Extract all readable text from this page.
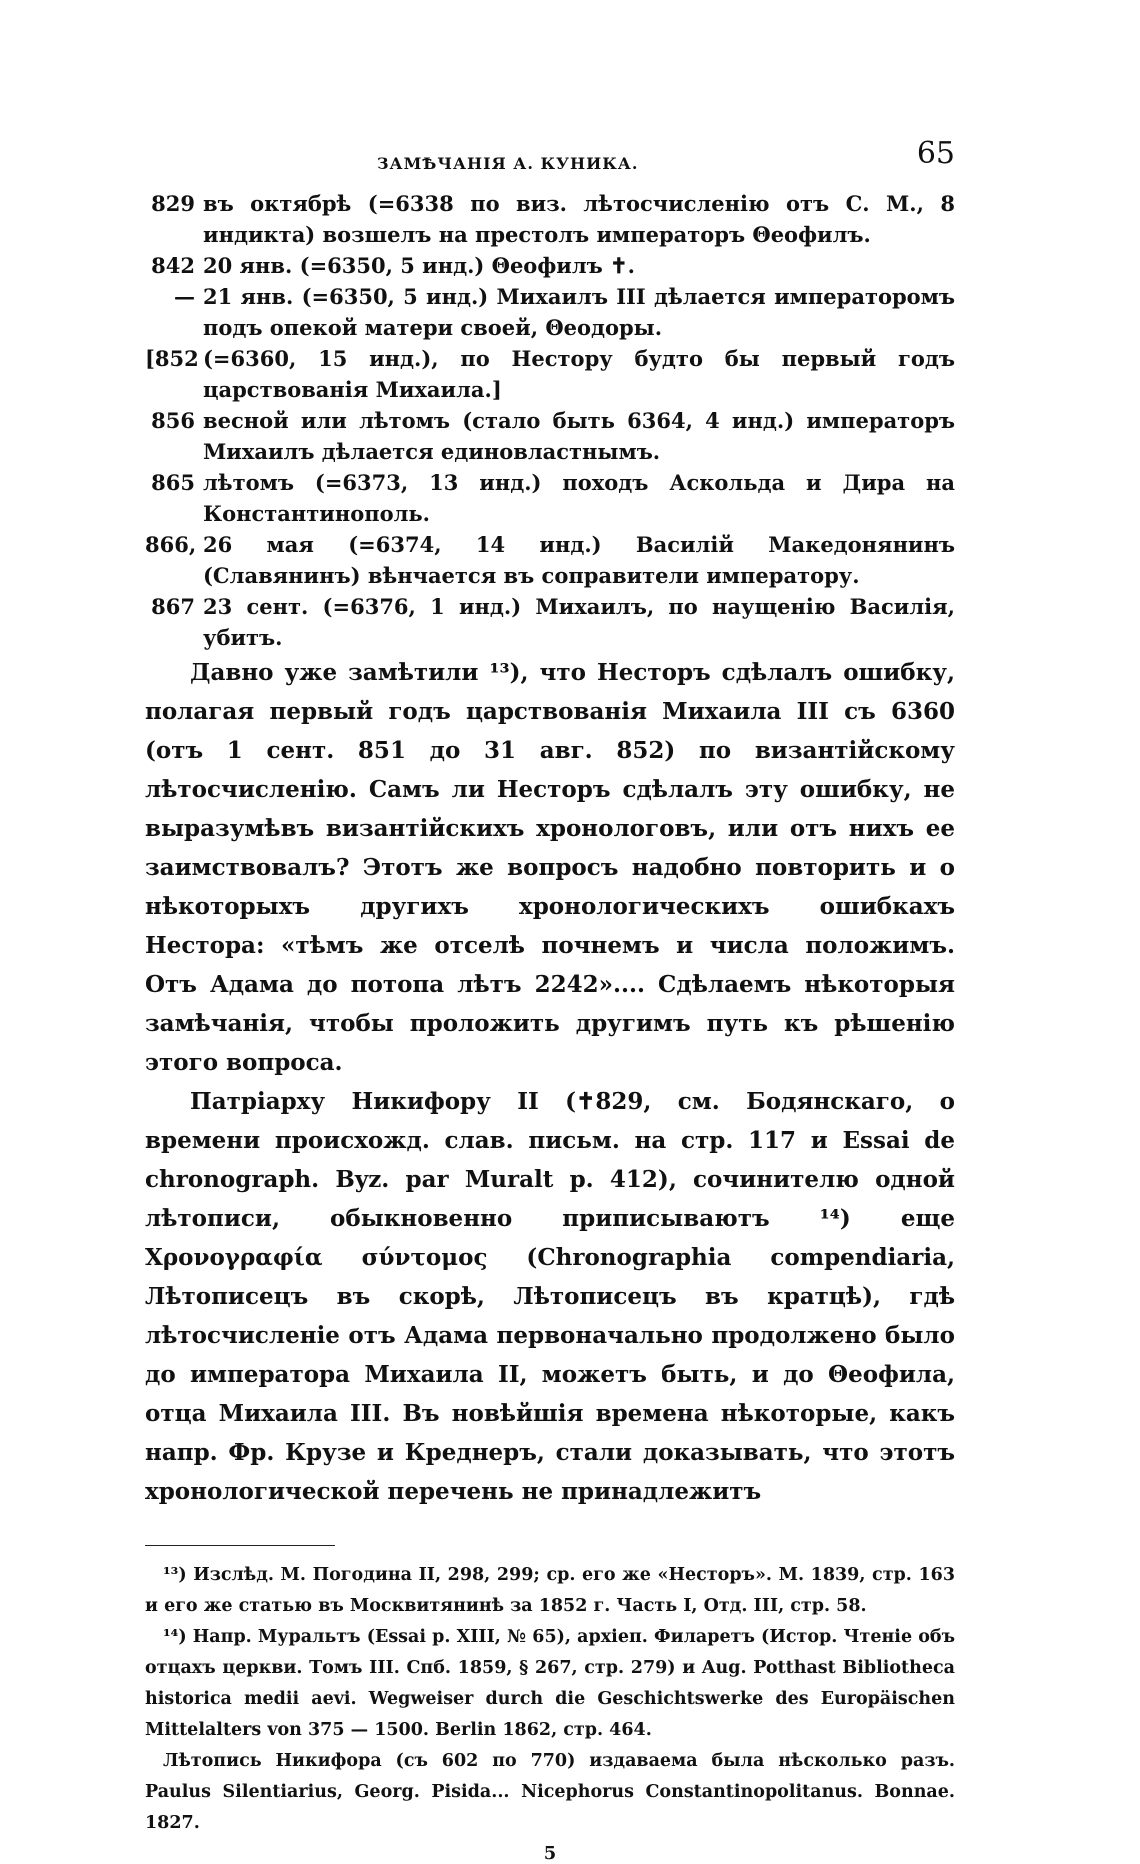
ЗАМѢЧАНІЯ А. КУНИКА.	65
829 въ октябрѣ (=6338 по виз. лѣтосчисленію отъ С. М., 8 индикта) возшелъ на престолъ императоръ Θеофилъ.
842 20 янв. (=6350, 5 инд.) Θеофилъ ✝.
— 21 янв. (=6350, 5 инд.) Михаилъ III дѣлается императоромъ подъ опекой матери своей, Θеодоры.
[852 (=6360, 15 инд.), по Нестору будто бы первый годъ царствованія Михаила.]
856 весной или лѣтомъ (стало быть 6364, 4 инд.) императоръ Михаилъ дѣлается единовластнымъ.
865 лѣтомъ (=6373, 13 инд.) походъ Аскольда и Дира на Константинополь.
866, 26 мая (=6374, 14 инд.) Василій Македонянинъ (Славянинъ) вѣнчается въ соправители императору.
867 23 сент. (=6376, 1 инд.) Михаилъ, по наущенію Василія, убитъ.

Давно уже замѣтили ¹³), что Несторъ сдѣлалъ ошибку, полагая первый годъ царствованія Михаила III съ 6360 (отъ 1 сент. 851 до 31 авг. 852) по византійскому лѣтосчисленію. Самъ ли Несторъ сдѣлалъ эту ошибку, не выразумѣвъ византійскихъ хронологовъ, или отъ нихъ ее заимствовалъ? Этотъ же вопросъ надобно повторить и о нѣкоторыхъ другихъ хронологическихъ ошибкахъ Нестора: «тѣмъ же отселѣ почнемъ и числа положимъ. Отъ Адама до потопа лѣтъ 2242».... Сдѣлаемъ нѣкоторыя замѣчанія, чтобы проложить другимъ путь къ рѣшенію этого вопроса.

Патріарху Никифору II (✝829, см. Бодянскаго, о времени происхожд. слав. письм. на стр. 117 и Essai de chronograph. Byz. par Muralt p. 412), сочинителю одной лѣтописи, обыкновенно приписываютъ ¹⁴) еще Χρονογραφία σύντομος (Chronographia compendiaria, Лѣтописецъ въ скорѣ, Лѣтописецъ въ кратцѣ), гдѣ лѣтосчисленіе отъ Адама первоначально продолжено было до императора Михаила II, можетъ быть, и до Θеофила, отца Михаила III. Въ новѣйшія времена нѣкоторые, какъ напр. Фр. Крузе и Креднеръ, стали доказывать, что этотъ хронологической перечень не принадлежитъ

¹³) Изслѣд. М. Погодина II, 298, 299; ср. его же «Несторъ». М. 1839, стр. 163 и его же статью въ Москвитянинѣ за 1852 г. Часть I, Отд. III, стр. 58.

¹⁴) Напр. Муральтъ (Essai p. XIII, № 65), архіеп. Филаретъ (Истор. Чтеніе объ отцахъ церкви. Томъ III. Спб. 1859, § 267, стр. 279) и Aug. Potthast Bibliotheca historica medii aevi. Wegweiser durch die Geschichtswerke des Europäischen Mittelalters von 375 — 1500. Berlin 1862, стр. 464.

Лѣтопись Никифора (съ 602 по 770) издавaема была нѣсколько разъ. Paulus Silentiarius, Georg. Pisida... Nicephorus Constantinopolitanus. Bonnae. 1827.

5
